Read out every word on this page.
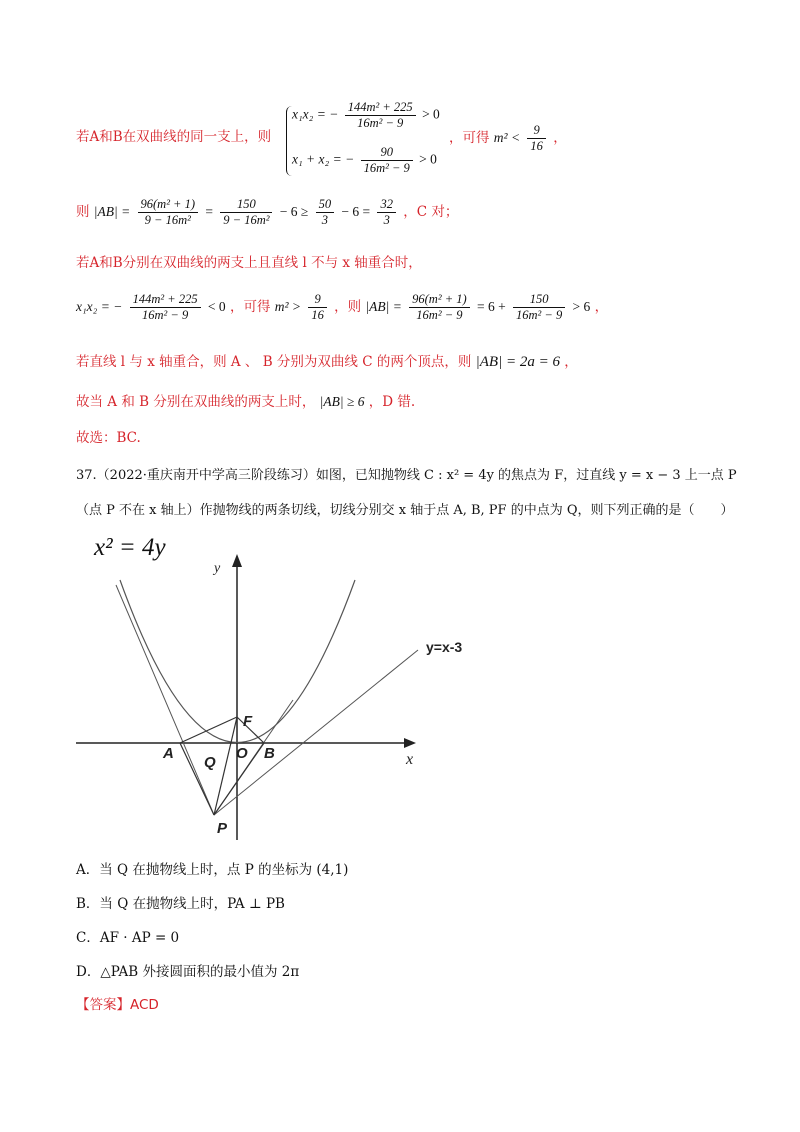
若A和B在双曲线的同一支上，则
x₁x₂ = − $\frac{\text{144m² + 225}}{\text{16m² − 9}} > 0$
x₁ + x₂ = − $\frac{90}{\text{16m² − 9}} > 0$
，可得 $m^2 < \frac{9}{16}$ ，
则 $|AB| = \frac{\text{96(m² + 1)}}{\text{9 − 16m²}} = \frac{150}{\text{9 − 16m²}} - 6 \ge \frac{50}{3} - 6 = \frac{32}{3}$ ，C 对；
若A和B分别在双曲线的两支上且直线 l 不与 x 轴重合时，
x₁x₂ = − $\frac{\text{144m² + 225}}{\text{16m² − 9}} < 0$ ，可得 $m^2 > \frac{9}{16}$ ，则 $|AB| = \frac{\text{96(m² + 1)}}{\text{16m² − 9}} = 6 + \frac{150}{\text{16m² − 9}} > 6$ ，
若直线 l 与 x 轴重合，则 A 、 B 分别为双曲线 C 的两个顶点，则 |AB| = 2a = 6 ，
故当 A 和 B 分别在双曲线的两支上时， |AB| ≥ 6 ，D 错.
故选：BC.
37.（2022·重庆南开中学高三阶段练习）如图，已知抛物线 C : x² = 4y 的焦点为 F，过直线 y = x − 3 上一点 P
（点 P 不在 x 轴上）作抛物线的两条切线，切线分别交 x 轴于点 A, B, PF 的中点为 Q，则下列正确的是（　　）
x² = 4y
y
x
y=x-3
A	O B
F
Q
P
A．当 Q 在抛物线上时，点 P 的坐标为 (4,1)
B．当 Q 在抛物线上时，PA ⊥ PB
C．AF · AP = 0
D．△PAB 外接圆面积的最小值为 2π
【答案】ACD
